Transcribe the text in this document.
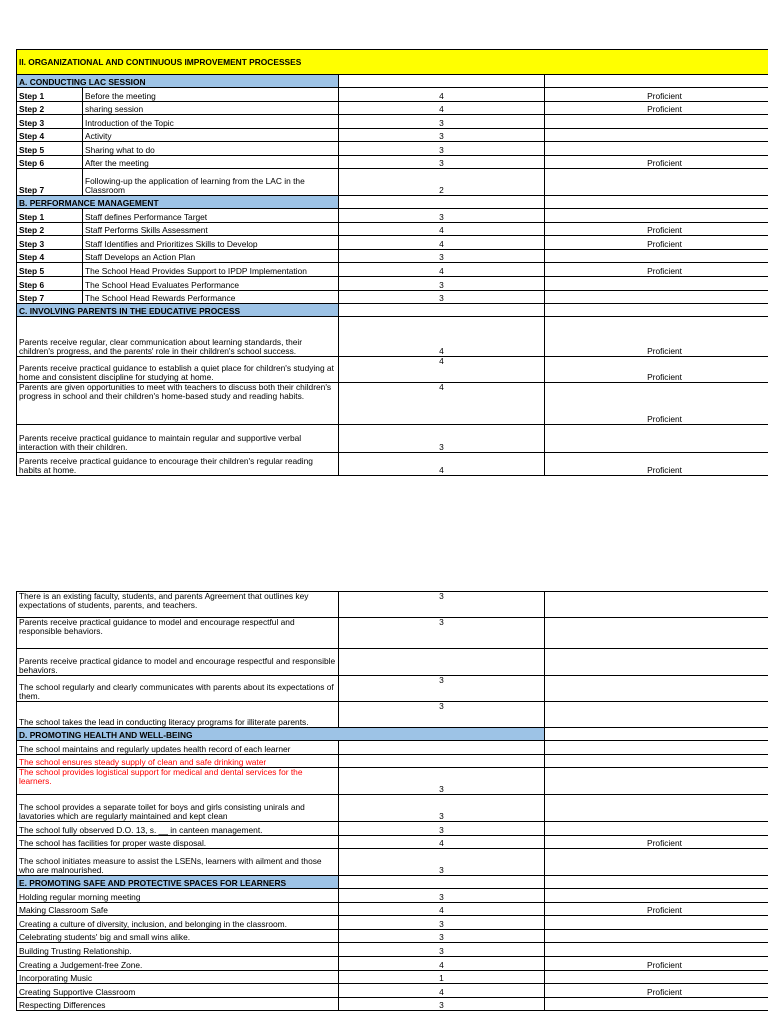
II. ORGANIZATIONAL AND CONTINUOUS IMPROVEMENT PROCESSES			
A. CONDUCTING LAC SESSION			
Step 1	Before the meeting	4	Proficient
Step 2	sharing session	4	Proficient
Step 3	Introduction of the Topic	3	
Step 4	Activity	3	
Step 5	Sharing what to do	3	
Step 6	After the meeting	3	Proficient
Step 7	Following-up the application of learning from the LAC in the Classroom	2	
B. PERFORMANCE MANAGEMENT			
Step 1	Staff defines Performance Target	3	
Step 2	Staff Performs Skills Assessment	4	Proficient
Step 3	Staff Identifies and Prioritizes Skills to Develop	4	Proficient
Step 4	Staff Develops an Action Plan	3	
Step 5	The School Head Provides Support to IPDP Implementation	4	Proficient
Step 6	The School Head Evaluates Performance	3	
Step 7	The School Head Rewards Performance	3	
C. INVOLVING PARENTS IN THE EDUCATIVE PROCESS			
Parents receive regular, clear communication about learning standards, their children's progress, and the parents' role in their children's school success.		4	Proficient
Parents receive practical guidance to establish a quiet place for children's studying at home and consistent discipline for studying at home.		4	Proficient
Parents are given opportunities to meet with teachers to discuss both their children's progress in school and their children's home-based study and reading habits.		4	Proficient
Parents receive practical guidance to maintain regular and supportive verbal interaction with their children.		3	
Parents receive practical guidance to encourage their children's regular reading habits at home.		4	Proficient
There is an existing faculty, students, and parents Agreement that outlines key expectations of students, parents, and teachers.	3	
Parents receive practical guidance to model and encourage respectful and responsible behaviors.	3	
Parents receive practical gidance to model and encourage respectful and responsible behaviors.		
The school regularly and clearly communicates with parents about its expectations of them.	3	
The school takes the lead in conducting literacy programs for illiterate parents.	3	
D. PROMOTING HEALTH AND WELL-BEING		
The school maintains and regularly updates health record of each learner		
The school ensures steady supply of clean and safe drinking water		
The school provides logistical support for medical and dental services for the learners.	3	
The school provides a separate toilet for boys and girls consisting unirals and lavatories which are regularly maintained and kept clean	3	
The school fully observed D.O. 13, s. __ in canteen management.	3	
The school has facilities for proper waste disposal.	4	Proficient
The school initiates measure to assist the LSENs, learners with ailment and those who are malnourished.	3	
E. PROMOTING SAFE AND PROTECTIVE SPACES FOR LEARNERS		
Holding regular morning meeting	3	
Making Classroom Safe	4	Proficient
Creating a culture of diversity, inclusion, and belonging in the classroom.	3	
Celebrating students' big and small wins alike.	3	
Building Trusting Relationship.	3	
Creating a Judgement-free Zone.	4	Proficient
Incorporating Music	1	
Creating Supportive Classroom	4	Proficient
Respecting Differences	3	
